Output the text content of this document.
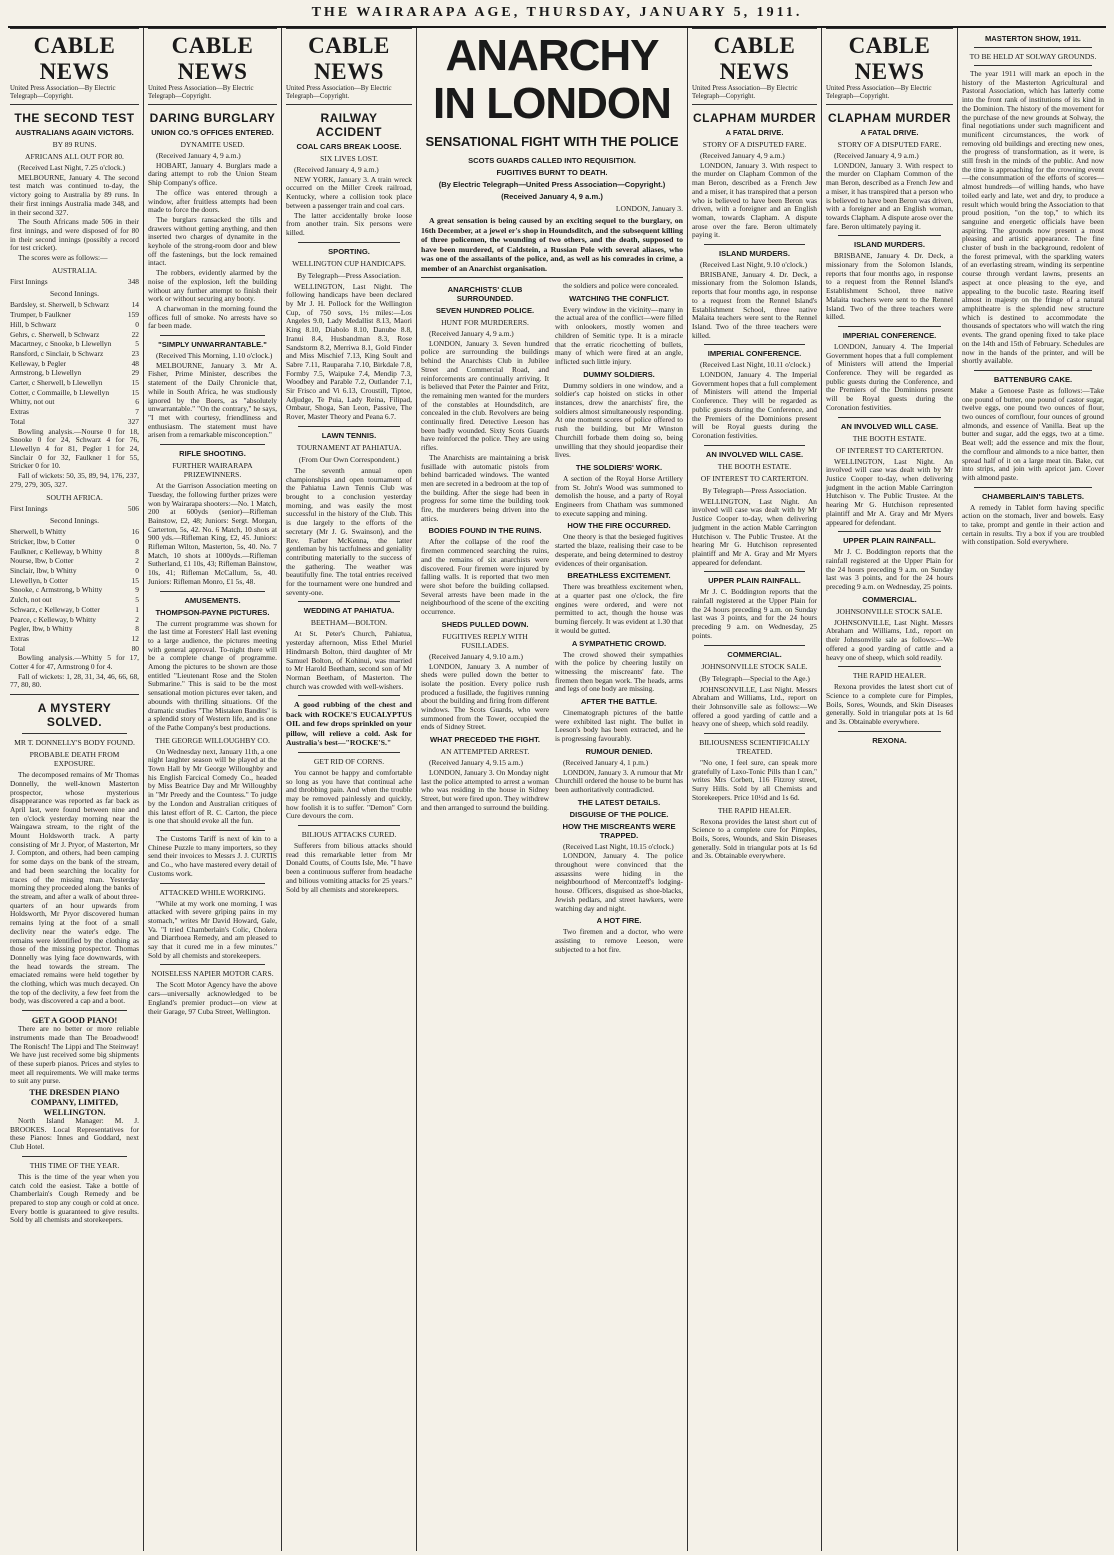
THE WAIRARAPA AGE, THURSDAY, JANUARY 5, 1911.
CABLE NEWS
United Press Association—By Electric Telegraph—Copyright.
THE SECOND TEST
AUSTRALIANS AGAIN VICTORS.
BY 89 RUNS.
AFRICANS ALL OUT FOR 80.

(Received Last Night, 7.25 o'clock.)

MELBOURNE, January 4. The second test match was continued to-day, the victory going to Australia by 89 runs. In their first innings Australia made 348, and in their second 327.

The South Africans made 506 in their first innings, and were disposed of for 80 in their second innings (possibly a record for test cricket).

The scores were as follows:—

AUSTRALIA.

First Innings	348

Second Innings.

Bardsley, st. Sherwell, b Schwarz	14

Trumper, b Faulkner	159

Hill, b Schwarz	0

Gehrs, c. Sherwell, b Schwarz	22

Macartney, c Snooke, b Llewellyn	5

Ransford, c Sinclair, b Schwarz	23

Kelleway, b Pegler	48

Armstrong, b Llewellyn	29

Carter, c Sherwell, b Llewellyn	15

Cotter, c Commaille, b Llewellyn	15

Whitty, not out	6

Extras	7

Total	327

Bowling analysis.—Nourse 0 for 18, Snooke 0 for 24, Schwarz 4 for 76, Llewellyn 4 for 81, Pegler 1 for 24, Sinclair 0 for 32, Faulkner 1 for 55, Stricker 0 for 10.

Fall of wickets: 50, 35, 89, 94, 176, 237, 279, 279, 305, 327.

SOUTH AFRICA.

First Innings	506

Second Innings.

Sherwell, b Whitty	16

Stricker, lbw, b Cotter	0

Faulkner, c Kelleway, b Whitty	8

Nourse, lbw, b Cotter	2

Sinclair, lbw, b Whitty	0

Llewellyn, b Cotter	15

Snooke, c Armstrong, b Whitty	9

Zulch, not out	5

Schwarz, c Kelleway, b Cotter	1

Pearce, c Kelleway, b Whitty	2

Pegler, lbw, b Whitty	8

Extras	12

Total	80

Bowling analysis.—Whitty 5 for 17, Cotter 4 for 47, Armstrong 0 for 4.

Fall of wickets: 1, 28, 31, 34, 46, 66, 68, 77, 80, 80.

A MYSTERY SOLVED.
MR T. DONNELLY'S BODY FOUND.
PROBABLE DEATH FROM EXPOSURE.

The decomposed remains of Mr Thomas Donnelly, the well-known Masterton prospector, whose mysterious disappearance was reported as far back as April last, were found between nine and ten o'clock yesterday morning near the Waingawa stream, to the right of the Mount Holdsworth track. A party consisting of Mr J. Pryor, of Masterton, Mr J. Compton, and others, had been camping for some days on the bank of the stream, and had been searching the locality for traces of the missing man. Yesterday morning they proceeded along the banks of the stream, and after a walk of about three-quarters of an hour upwards from Holdsworth, Mr Pryor discovered human remains lying at the foot of a small declivity near the water's edge. The remains were identified by the clothing as those of the missing prospector. Thomas Donnelly was lying face downwards, with the head towards the stream. The emaciated remains were held together by the clothing, which was much decayed. On the top of the declivity, a few feet from the body, was discovered a cap and a boot.

GET A GOOD PIANO!

There are no better or more reliable instruments made than The Broadwood! The Ronisch! The Lippi and The Steinway! We have just received some big shipments of these superb pianos. Prices and styles to meet all requirements. We will make terms to suit any purse.

THE DRESDEN PIANO COMPANY, LIMITED, WELLINGTON.

North Island Manager: M. J. BROOKES. Local Representatives for these Pianos: Innes and Goddard, next Club Hotel.

THIS TIME OF THE YEAR.

This is the time of the year when you catch cold the easiest. Take a bottle of Chamberlain's Cough Remedy and be prepared to stop any cough or cold at once. Every bottle is guaranteed to give results. Sold by all chemists and storekeepers.

CABLE NEWS
United Press Association—By Electric Telegraph—Copyright.
DARING BURGLARY
UNION CO.'S OFFICES ENTERED.
DYNAMITE USED.

(Received January 4, 9 a.m.)

HOBART, January 4. Burglars made a daring attempt to rob the Union Steam Ship Company's office.

The office was entered through a window, after fruitless attempts had been made to force the doors.

The burglars ransacked the tills and drawers without getting anything, and then inserted two charges of dynamite in the keyhole of the strong-room door and blew off the fastenings, but the lock remained intact.

The robbers, evidently alarmed by the noise of the explosion, left the building without any further attempt to finish their work or without securing any booty.

A charwoman in the morning found the offices full of smoke. No arrests have so far been made.

"SIMPLY UNWARRANTABLE."

(Received This Morning, 1.10 o'clock.)

MELBOURNE, January 3. Mr A. Fisher, Prime Minister, describes the statement of the Daily Chronicle that, while in South Africa, he was studiously ignored by the Boers, as "absolutely unwarrantable." "On the contrary," he says, "I met with courtesy, friendliness and enthusiasm. The statement must have arisen from a remarkable misconception."

RIFLE SHOOTING.
FURTHER WAIRARAPA PRIZEWINNERS.

At the Garrison Association meeting on Tuesday, the following further prizes were won by Wairarapa shooters:—No. 1 Match, 200 at 600yds (senior)—Rifleman Bainstow, £2, 48; Juniors: Sergt. Morgan, Carterton, 5s, 42. No. 6 Match, 10 shots at 900 yds.—Rifleman King, £2, 45. Juniors: Rifleman Wilton, Masterton, 5s, 40. No. 7 Match, 10 shots at 1000yds.—Rifleman Sutherland, £1 10s, 43; Rifleman Bainstow, 10s, 41; Rifleman McCallum, 5s, 40. Juniors: Rifleman Monro, £1 5s, 48.

AMUSEMENTS.
THOMPSON-PAYNE PICTURES.

The current programme was shown for the last time at Foresters' Hall last evening to a large audience, the pictures meeting with general approval. To-night there will be a complete change of programme. Among the pictures to be shown are those entitled "Lieutenant Rose and the Stolen Submarine." This is said to be the most sensational motion pictures ever taken, and abounds with thrilling situations. Of the dramatic studies "The Mistaken Bandits" is a splendid story of Western life, and is one of the Pathe Company's best productions.

THE GEORGE WILLOUGHBY CO.

On Wednesday next, January 11th, a one night laughter season will be played at the Town Hall by Mr George Willoughby and his English Farcical Comedy Co., headed by Miss Beatrice Day and Mr Willoughby in "Mr Preedy and the Countess." To judge by the London and Australian critiques of this latest effort of R. C. Carton, the piece is one that should evoke all the fun.

The Customs Tariff is next of kin to a Chinese Puzzle to many importers, so they send their invoices to Messrs J. J. CURTIS and Co., who have mastered every detail of Customs work.

ATTACKED WHILE WORKING.

"While at my work one morning, I was attacked with severe griping pains in my stomach," writes Mr David Howard, Gale, Va. "I tried Chamberlain's Colic, Cholera and Diarrhoea Remedy, and am pleased to say that it cured me in a few minutes." Sold by all chemists and storekeepers.

NOISELESS NAPIER MOTOR CARS.

The Scott Motor Agency have the above cars—universally acknowledged to be England's premier product—on view at their Garage, 97 Cuba Street, Wellington.

CABLE NEWS
United Press Association—By Electric Telegraph—Copyright.
RAILWAY ACCIDENT
COAL CARS BREAK LOOSE.
SIX LIVES LOST.

(Received January 4, 9 a.m.)

NEW YORK, January 3. A train wreck occurred on the Miller Creek railroad, Kentucky, where a collision took place between a passenger train and coal cars.

The latter accidentally broke loose from another train. Six persons were killed.

SPORTING.
WELLINGTON CUP HANDICAPS.
By Telegraph—Press Association.

WELLINGTON, Last Night. The following handicaps have been declared by Mr J. H. Pollock for the Wellington Cup, of 750 sovs, 1½ miles:—Los Angeles 9.0, Lady Medallist 8.13, Maori King 8.10, Diabolo 8.10, Danube 8.8, Iranui 8.4, Husbandman 8.3, Rose Sandstorm 8.2, Merriwa 8.1, Gold Finder and Miss Mischief 7.13, King Soult and Sabre 7.11, Rauparaha 7.10, Birkdale 7.8, Formby 7.5, Waipuke 7.4, Mendip 7.3, Woodbey and Parable 7.2, Outlander 7.1, Sir Frisco and Vi 6.13, Croustill, Tiptoe, Adjudge, Te Puia, Lady Reina, Filipad, Ombaur, Shoga, San Leon, Passive, The Rover, Master Theory and Peana 6.7.

LAWN TENNIS.
TOURNAMENT AT PAHIATUA.
(From Our Own Correspondent.)

The seventh annual open championships and open tournament of the Pahiatua Lawn Tennis Club was brought to a conclusion yesterday morning, and was easily the most successful in the history of the Club. This is due largely to the efforts of the secretary (Mr J. G. Swainson), and the Rev. Father McKenna, the latter gentleman by his tactfulness and geniality contributing materially to the success of the gathering. The weather was beautifully fine. The total entries received for the tournament were one hundred and seventy-one.

WEDDING AT PAHIATUA.
BEETHAM—BOLTON.

At St. Peter's Church, Pahiatua, yesterday afternoon, Miss Ethel Muriel Hindmarsh Bolton, third daughter of Mr Samuel Bolton, of Kohinui, was married to Mr Harold Beetham, second son of Mr Norman Beetham, of Masterton. The church was crowded with well-wishers.

A good rubbing of the chest and back with ROCKE'S EUCALYPTUS OIL and few drops sprinkled on your pillow, will relieve a cold. Ask for Australia's best—"ROCKE'S."

GET RID OF CORNS.

You cannot be happy and comfortable so long as you have that continual ache and throbbing pain. And when the trouble may be removed painlessly and quickly, how foolish it is to suffer. "Demon" Corn Cure devours the corn.

BILIOUS ATTACKS CURED.

Sufferers from bilious attacks should read this remarkable letter from Mr Donald Coutts, of Coutts Isle, Me. "I have been a continuous sufferer from headache and bilious vomiting attacks for 25 years." Sold by all chemists and storekeepers.

ANARCHY IN LONDON
SENSATIONAL FIGHT WITH THE POLICE
SCOTS GUARDS CALLED INTO REQUISITION.
FUGITIVES BURNT TO DEATH.
(By Electric Telegraph—United Press Association—Copyright.)
(Received January 4, 9 a.m.)
LONDON, January 3.

A great sensation is being caused by an exciting sequel to the burglary, on 16th December, at a jewel er's shop in Houndsditch, and the subsequent killing of three policemen, the wounding of two others, and the death, supposed to have been murdered, of Caldstein, a Russian Pole with several aliases, who was one of the assailants of the police, and, as well as his comrades in crime, a member of an Anarchist organisation.

ANARCHISTS' CLUB SURROUNDED.
SEVEN HUNDRED POLICE.
HUNT FOR MURDERERS.

(Received January 4, 9 a.m.)

LONDON, January 3. Seven hundred police are surrounding the buildings behind the Anarchists Club in Jubilee Street and Commercial Road, and reinforcements are continually arriving. It is believed that Peter the Painter and Fritz, the remaining men wanted for the murders of the constables at Houndsditch, are concealed in the club. Revolvers are being continually fired. Detective Leeson has been badly wounded. Sixty Scots Guards have reinforced the police. They are using rifles.

The Anarchists are maintaining a brisk fusillade with automatic pistols from behind barricaded windows. The wanted men are secreted in a bedroom at the top of the building. After the siege had been in progress for some time the building took fire, the murderers being driven into the attics.

BODIES FOUND IN THE RUINS.

After the collapse of the roof the firemen commenced searching the ruins, and the remains of six anarchists were discovered. Four firemen were injured by falling walls. It is reported that two men were shot before the building collapsed. Several arrests have been made in the neighbourhood of the scene of the exciting occurrence.

SHEDS PULLED DOWN.
FUGITIVES REPLY WITH FUSILLADES.

(Received January 4, 9.10 a.m.)

LONDON, January 3. A number of sheds were pulled down the better to isolate the position. Every police rush produced a fusillade, the fugitives running about the building and firing from different windows. The Scots Guards, who were summoned from the Tower, occupied the ends of Sidney Street.

WHAT PRECEDED THE FIGHT.
AN ATTEMPTED ARREST.

(Received January 4, 9.15 a.m.)

LONDON, January 3. On Monday night last the police attempted to arrest a woman who was residing in the house in Sidney Street, but were fired upon. They withdrew and then arranged to surround the building.

the soldiers and police were concealed.

WATCHING THE CONFLICT.

Every window in the vicinity—many in the actual area of the conflict—were filled with onlookers, mostly women and children of Semitic type. It is a miracle that the erratic ricochetting of bullets, many of which were fired at an angle, inflicted such little injury.

DUMMY SOLDIERS.

Dummy soldiers in one window, and a soldier's cap hoisted on sticks in other instances, drew the anarchists' fire, the soldiers almost simultaneously responding. At one moment scores of police offered to rush the building, but Mr Winston Churchill forbade them doing so, being unwilling that they should jeopardise their lives.

THE SOLDIERS' WORK.

A section of the Royal Horse Artillery from St. John's Wood was summoned to demolish the house, and a party of Royal Engineers from Chatham was summoned to execute sapping and mining.

HOW THE FIRE OCCURRED.

One theory is that the besieged fugitives started the blaze, realising their case to be desperate, and being determined to destroy evidences of their organisation.

BREATHLESS EXCITEMENT.

There was breathless excitement when, at a quarter past one o'clock, the fire engines were ordered, and were not permitted to act, though the house was burning fiercely. It was evident at 1.30 that it would be gutted.

A SYMPATHETIC CROWD.

The crowd showed their sympathies with the police by cheering lustily on witnessing the miscreants' fate. The firemen then began work. The heads, arms and legs of one body are missing.

AFTER THE BATTLE.

Cinematograph pictures of the battle were exhibited last night. The bullet in Leeson's body has been extracted, and he is progressing favourably.

RUMOUR DENIED.

(Received January 4, 1 p.m.)

LONDON, January 3. A rumour that Mr Churchill ordered the house to be burnt has been authoritatively contradicted.

THE LATEST DETAILS.
DISGUISE OF THE POLICE.
HOW THE MISCREANTS WERE TRAPPED.

(Received Last Night, 10.15 o'clock.)

LONDON, January 4. The police throughout were convinced that the assassins were hiding in the neighbourhood of Mercontzeff's lodging-house. Officers, disguised as shoe-blacks, Jewish pedlars, and street hawkers, were watching day and night.

A HOT FIRE.

Two firemen and a doctor, who were assisting to remove Leeson, were subjected to a hot fire.

CABLE NEWS
United Press Association—By Electric Telegraph—Copyright.
CLAPHAM MURDER
A FATAL DRIVE.
STORY OF A DISPUTED FARE.

(Received January 4, 9 a.m.)

LONDON, January 3. With respect to the murder on Clapham Common of the man Beron, described as a French Jew and a miser, it has transpired that a person who is believed to have been Beron was driven, with a foreigner and an English woman, towards Clapham. A dispute arose over the fare. Beron ultimately paying it.

ISLAND MURDERS.

(Received Last Night, 9.10 o'clock.)

BRISBANE, January 4. Dr. Deck, a missionary from the Solomon Islands, reports that four months ago, in response to a request from the Rennel Island's Establishment School, three native Malaita teachers were sent to the Rennel Island. Two of the three teachers were killed.

IMPERIAL CONFERENCE.

(Received Last Night, 10.11 o'clock.)

LONDON, January 4. The Imperial Government hopes that a full complement of Ministers will attend the Imperial Conference. They will be regarded as public guests during the Conference, and the Premiers of the Dominions present will be Royal guests during the Coronation festivities.

AN INVOLVED WILL CASE.
THE BOOTH ESTATE.
OF INTEREST TO CARTERTON.
By Telegraph—Press Association.

WELLINGTON, Last Night. An involved will case was dealt with by Mr Justice Cooper to-day, when delivering judgment in the action Mable Carrington Hutchison v. The Public Trustee. At the hearing Mr G. Hutchison represented plaintiff and Mr A. Gray and Mr Myers appeared for defendant.

UPPER PLAIN RAINFALL.

Mr J. C. Boddington reports that the rainfall registered at the Upper Plain for the 24 hours preceding 9 a.m. on Sunday last was 3 points, and for the 24 hours preceding 9 a.m. on Wednesday, 25 points.

COMMERCIAL.
JOHNSONVILLE STOCK SALE.
(By Telegraph—Special to the Age.)

JOHNSONVILLE, Last Night. Messrs Abraham and Williams, Ltd., report on their Johnsonville sale as follows:—We offered a good yarding of cattle and a heavy one of sheep, which sold readily.

BILIOUSNESS SCIENTIFICALLY TREATED.

"No one, I feel sure, can speak more gratefully of Laxo-Tonic Pills than I can," writes Mrs Corbett, 116 Fitzroy street, Surry Hills. Sold by all Chemists and Storekeepers. Price 10½d and 1s 6d.

THE RAPID HEALER.

Rexona provides the latest short cut of Science to a complete cure for Pimples, Boils, Sores, Wounds, and Skin Diseases generally. Sold in triangular pots at 1s 6d and 3s. Obtainable everywhere.

CABLE NEWS
United Press Association—By Electric Telegraph—Copyright.
CLAPHAM MURDER
A FATAL DRIVE.
STORY OF A DISPUTED FARE.

(Received January 4, 9 a.m.)

LONDON, January 3. With respect to the murder on Clapham Common of the man Beron, described as a French Jew and a miser, it has transpired that a person who is believed to have been Beron was driven, with a foreigner and an English woman, towards Clapham. A dispute arose over the fare. Beron ultimately paying it.

ISLAND MURDERS.

BRISBANE, January 4. Dr. Deck, a missionary from the Solomon Islands, reports that four months ago, in response to a request from the Rennel Island's Establishment School, three native Malaita teachers were sent to the Rennel Island. Two of the three teachers were killed.

IMPERIAL CONFERENCE.

LONDON, January 4. The Imperial Government hopes that a full complement of Ministers will attend the Imperial Conference. They will be regarded as public guests during the Conference, and the Premiers of the Dominions present will be Royal guests during the Coronation festivities.

AN INVOLVED WILL CASE.
THE BOOTH ESTATE.
OF INTEREST TO CARTERTON.

WELLINGTON, Last Night. An involved will case was dealt with by Mr Justice Cooper to-day, when delivering judgment in the action Mable Carrington Hutchison v. The Public Trustee. At the hearing Mr G. Hutchison represented plaintiff and Mr A. Gray and Mr Myers appeared for defendant.

UPPER PLAIN RAINFALL.

Mr J. C. Boddington reports that the rainfall registered at the Upper Plain for the 24 hours preceding 9 a.m. on Sunday last was 3 points, and for the 24 hours preceding 9 a.m. on Wednesday, 25 points.

COMMERCIAL.
JOHNSONVILLE STOCK SALE.

JOHNSONVILLE, Last Night. Messrs Abraham and Williams, Ltd., report on their Johnsonville sale as follows:—We offered a good yarding of cattle and a heavy one of sheep, which sold readily.

THE RAPID HEALER.

Rexona provides the latest short cut of Science to a complete cure for Pimples, Boils, Sores, Wounds, and Skin Diseases generally. Sold in triangular pots at 1s 6d and 3s. Obtainable everywhere.

REXONA.
MASTERTON SHOW, 1911.
TO BE HELD AT SOLWAY GROUNDS.

The year 1911 will mark an epoch in the history of the Masterton Agricultural and Pastoral Association, which has latterly come into the front rank of institutions of its kind in the Dominion. The history of the movement for the purchase of the new grounds at Solway, the final negotiations under such magnificent and munificent circumstances, the work of removing old buildings and erecting new ones, the progress of transformation, as it were, is still fresh in the minds of the public. And now the time is approaching for the crowning event—the consummation of the efforts of scores—almost hundreds—of willing hands, who have toiled early and late, wet and dry, to produce a result which would bring the Association to that proud position, "on the top," to which its sanguine and energetic officials have been aspiring. The grounds now present a most pleasing and artistic appearance. The fine cluster of bush in the background, redolent of the forest primeval, with the sparkling waters of an everlasting stream, winding its serpentine course through verdant lawns, presents an aspect at once pleasing to the eye, and appealing to the bucolic taste. Rearing itself almost in majesty on the fringe of a natural amphitheatre is the splendid new structure which is destined to accommodate the thousands of spectators who will watch the ring events. The grand opening fixed to take place on the 14th and 15th of February. Schedules are now in the hands of the printer, and will be shortly available.

BATTENBURG CAKE.

Make a Genoese Paste as follows:—Take one pound of butter, one pound of castor sugar, twelve eggs, one pound two ounces of flour, two ounces of cornflour, four ounces of ground almonds, and essence of Vanilla. Beat up the butter and sugar, add the eggs, two at a time. Beat well; add the essence and mix the flour, the cornflour and almonds to a nice batter, then spread half of it on a large meat tin. Bake, cut into strips, and join with apricot jam. Cover with almond paste.

CHAMBERLAIN'S TABLETS.

A remedy in Tablet form having specific action on the stomach, liver and bowels. Easy to take, prompt and gentle in their action and certain in results. Try a box if you are troubled with constipation. Sold everywhere.
